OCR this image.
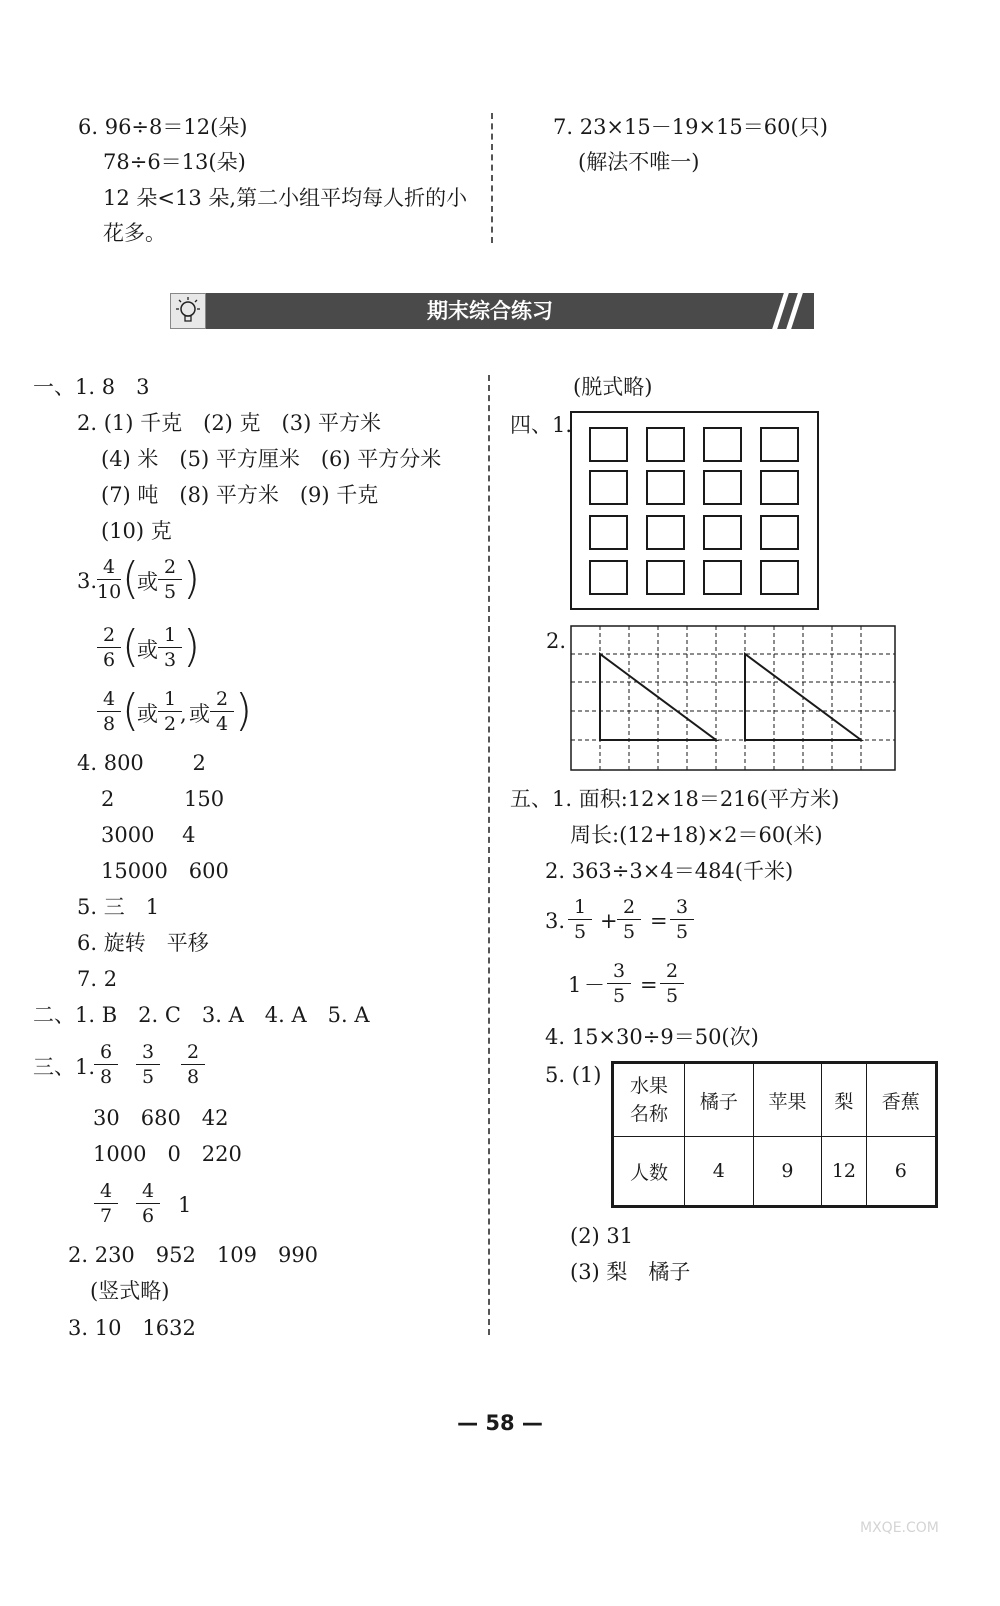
6. 96÷8＝12(朵)
78÷6＝13(朵)
12 朵<13 朵,第二小组平均每人折的小
花多。
7. 23×15－19×15＝60(只)
(解法不唯一)
期末综合练习
一、1. 8　3
2. (1) 千克　(2) 克　(3) 平方米
(4) 米　(5) 平方厘米　(6) 平方分米
(7) 吨　(8) 平方米　(9) 千克
(10) 克
3. $\frac{4}{10}$ (
或 $\frac{2}{5}$ )
$\frac{2}{6}$ (
或 $\frac{1}{3}$ )
$\frac{4}{8}$ (
或 $\frac{1}{2}$
, 或 $\frac{2}{4}$ )
4. 800　　 2
2　　　 150
3000　 4
15000　600
5. 三　1
6. 旋转　平移
7. 2
二、1. B　2. C　3. A　4. A　5. A
三、1.
$\frac{6}{8} \frac{3}{5} \frac{2}{8}$
30　680　42
1000　0　220
$\frac{4}{7} \frac{4}{6} 1$
2. 230　952　109　990
(竖式略)
3. 10　1632
(脱式略)
四、1.
2.
五、1. 面积:12×18＝216(平方米)
周长:(12+18)×2＝60(米)
2. 363÷3×4＝484(千米)
3. $\frac{1}{5} + \frac{2}{5} = \frac{3}{5}$
$1 - \frac{3}{5} = \frac{2}{5}$
4. 15×30÷9＝50(次)
5. (1) 水果
名称	橘子	苹果	梨	香蕉
人数	4	9	12	6
(2) 31
(3) 梨　橘子
— 58 —
MXQE.COM
